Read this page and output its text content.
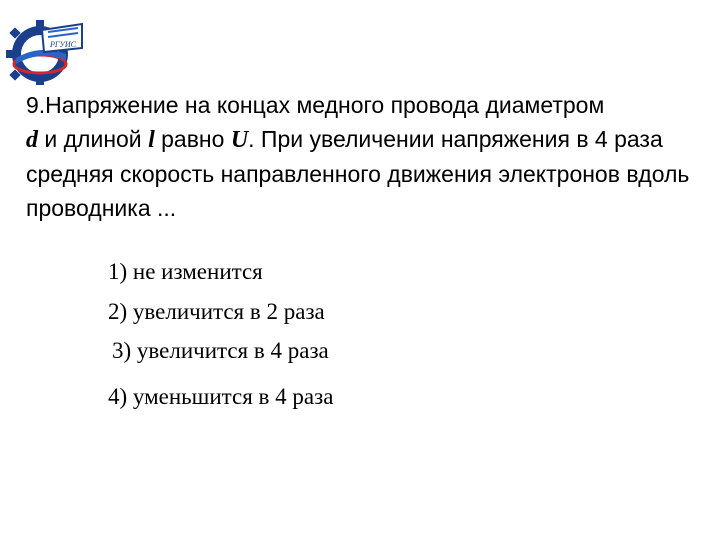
РГУИС

9.Напряжение на концах медного провода диаметром
d и длиной l равно U. При увеличении напряжения в 4 раза средняя скорость направленного движения электронов вдоль проводника ...

1) не изменится
2) увеличится в 2 раза
3) увеличится в 4 раза
4) уменьшится в 4 раза
